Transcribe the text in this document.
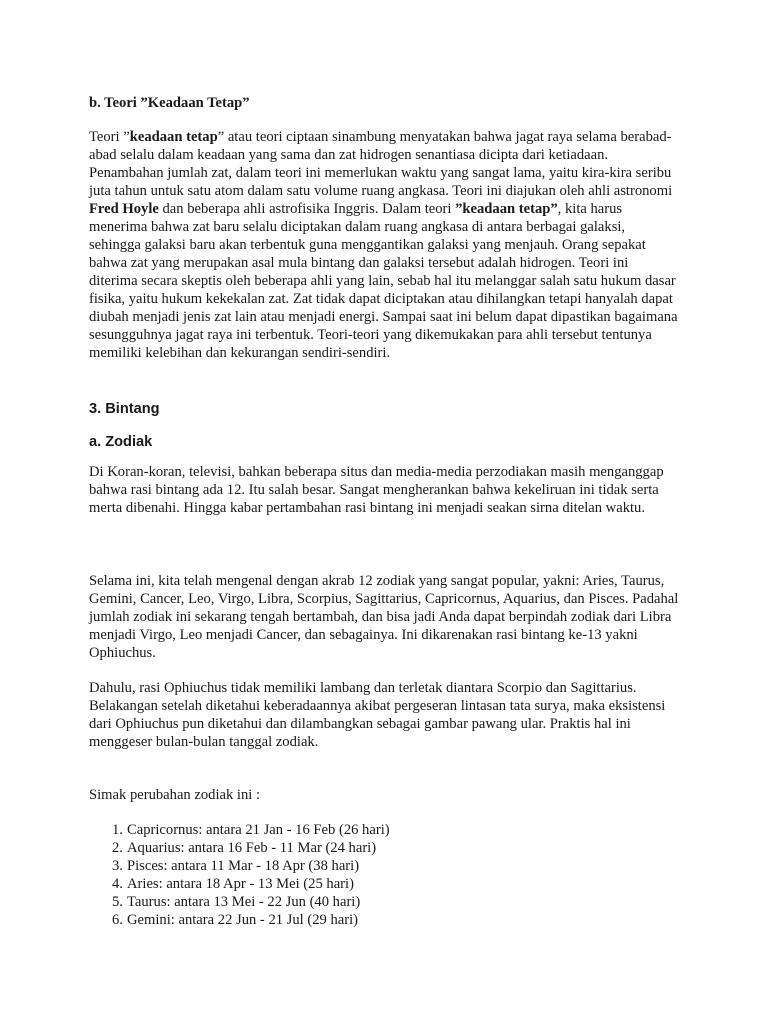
b. Teori ”Keadaan Tetap”

Teori ”keadaan tetap” atau teori ciptaan sinambung menyatakan bahwa jagat raya selama berabad-abad selalu dalam keadaan yang sama dan zat hidrogen senantiasa dicipta dari ketiadaan. Penambahan jumlah zat, dalam teori ini memerlukan waktu yang sangat lama, yaitu kira-kira seribu juta tahun untuk satu atom dalam satu volume ruang angkasa. Teori ini diajukan oleh ahli astronomi Fred Hoyle dan beberapa ahli astrofisika Inggris. Dalam teori ”keadaan tetap”, kita harus menerima bahwa zat baru selalu diciptakan dalam ruang angkasa di antara berbagai galaksi, sehingga galaksi baru akan terbentuk guna menggantikan galaksi yang menjauh. Orang sepakat bahwa zat yang merupakan asal mula bintang dan galaksi tersebut adalah hidrogen. Teori ini diterima secara skeptis oleh beberapa ahli yang lain, sebab hal itu melanggar salah satu hukum dasar fisika, yaitu hukum kekekalan zat. Zat tidak dapat diciptakan atau dihilangkan tetapi hanyalah dapat diubah menjadi jenis zat lain atau menjadi energi. Sampai saat ini belum dapat dipastikan bagaimana sesungguhnya jagat raya ini terbentuk. Teori-teori yang dikemukakan para ahli tersebut tentunya memiliki kelebihan dan kekurangan sendiri-sendiri.

3. Bintang
a. Zodiak

Di Koran-koran, televisi, bahkan beberapa situs dan media-media perzodiakan masih menganggap bahwa rasi bintang ada 12. Itu salah besar. Sangat mengherankan bahwa kekeliruan ini tidak serta merta dibenahi. Hingga kabar pertambahan rasi bintang ini menjadi seakan sirna ditelan waktu.

Selama ini, kita telah mengenal dengan akrab 12 zodiak yang sangat popular, yakni: Aries, Taurus, Gemini, Cancer, Leo, Virgo, Libra, Scorpius, Sagittarius, Capricornus, Aquarius, dan Pisces. Padahal jumlah zodiak ini sekarang tengah bertambah, dan bisa jadi Anda dapat berpindah zodiak dari Libra menjadi Virgo, Leo menjadi Cancer, dan sebagainya. Ini dikarenakan rasi bintang ke-13 yakni Ophiuchus.

Dahulu, rasi Ophiuchus tidak memiliki lambang dan terletak diantara Scorpio dan Sagittarius. Belakangan setelah diketahui keberadaannya akibat pergeseran lintasan tata surya, maka eksistensi dari Ophiuchus pun diketahui dan dilambangkan sebagai gambar pawang ular. Praktis hal ini menggeser bulan-bulan tanggal zodiak.

Simak perubahan zodiak ini :

1. Capricornus: antara 21 Jan - 16 Feb (26 hari)
2. Aquarius: antara 16 Feb - 11 Mar (24 hari)
3. Pisces: antara 11 Mar - 18 Apr (38 hari)
4. Aries: antara 18 Apr - 13 Mei (25 hari)
5. Taurus: antara 13 Mei - 22 Jun (40 hari)
6. Gemini: antara 22 Jun - 21 Jul (29 hari)
